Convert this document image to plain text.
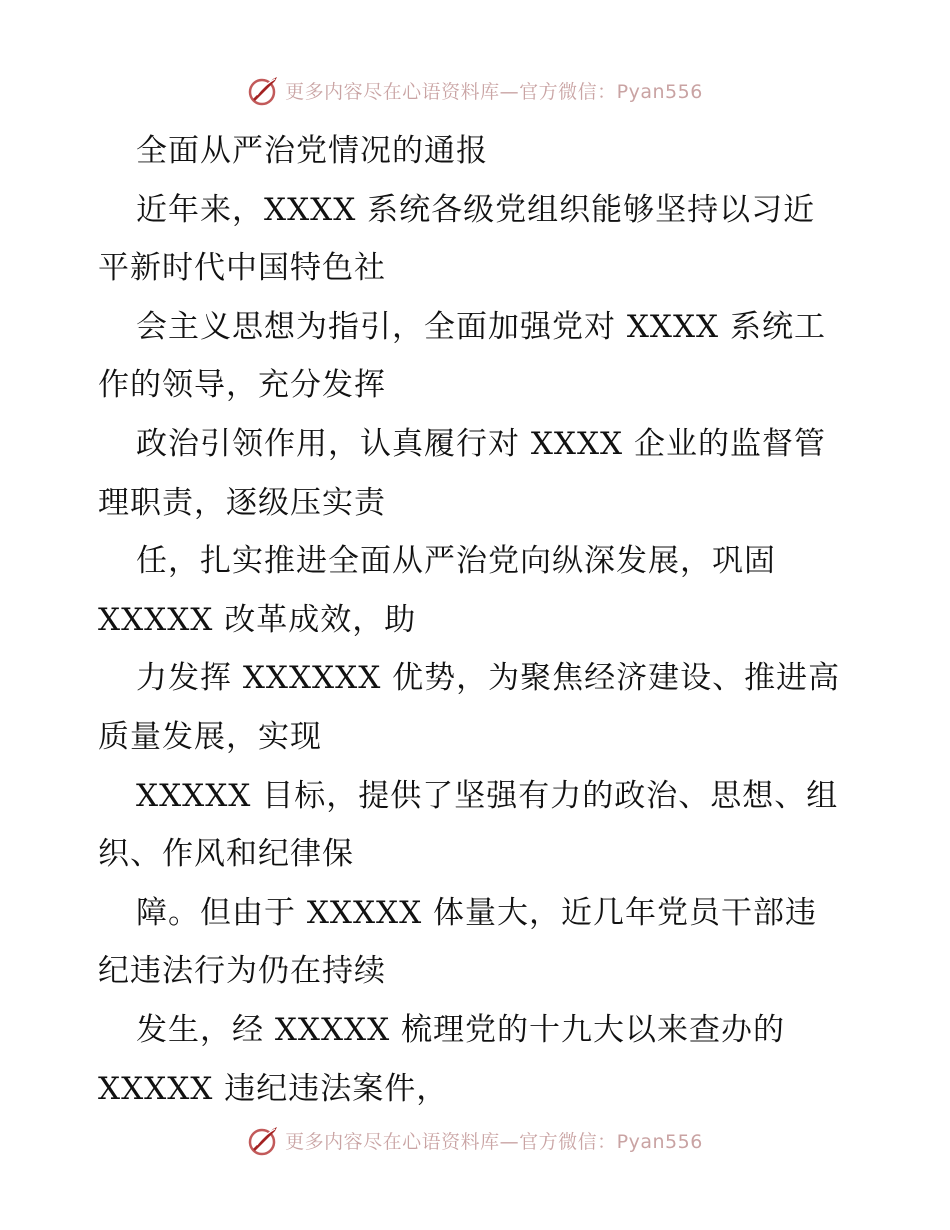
更多内容尽在心语资料库—官方微信：Pyan556
全面从严治党情况的通报
近年来，XXXX 系统各级党组织能够坚持以习近
平新时代中国特色社
会主义思想为指引，全面加强党对 XXXX 系统工
作的领导，充分发挥
政治引领作用，认真履行对 XXXX 企业的监督管
理职责，逐级压实责
任，扎实推进全面从严治党向纵深发展，巩固
XXXXX 改革成效，助
力发挥 XXXXXX 优势，为聚焦经济建设、推进高
质量发展，实现
XXXXX 目标，提供了坚强有力的政治、思想、组
织、作风和纪律保
障。但由于 XXXXX 体量大，近几年党员干部违
纪违法行为仍在持续
发生，经 XXXXX 梳理党的十九大以来查办的
XXXXX 违纪违法案件，
更多内容尽在心语资料库—官方微信：Pyan556
